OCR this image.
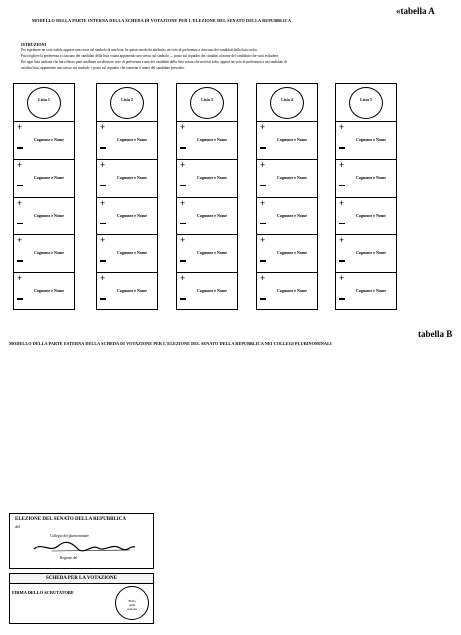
«tabella A
MODELLO DELLA PARTE INTERNA DELLA SCHEDA DI VOTAZIONE PER L'ELEZIONE DEL SENATO DELLA REPUBBLICA
ISTRUZIONI
Per esprimere un voto valido apporre una croce sul simbolo di una lista. In questo modo ha attribuito un voto di preferenza a ciascuno dei candidati della lista scelta.
Puoi togliere la preferenza a ciascuno dei candidati della lista votata apponendo uno stesso sul simbolo — posto sul riquadro dei cittadini al nome del candidato che vuoi escludere.
Per ogni lista indicata che hai riflesso puoi attribuire un ulteriore voto di preferenza a uno dei candidati della lista votata che non hai tolto, apponi un voto di preferenza a un candidato di
un'altra lista, apponendo uno stesso sul simbolo + posto sul riquadro che contiene il nome del candidato prescelto.
Lista 1
+
Cognome e Nome
+
Cognome e Nome
+
Cognome e Nome
+
Cognome e Nome
+
Cognome e Nome
Lista 2
+
Cognome e Nome
+
Cognome e Nome
+
Cognome e Nome
+
Cognome e Nome
+
Cognome e Nome
Lista 3
+
Cognome e Nome
+
Cognome e Nome
+
Cognome e Nome
+
Cognome e Nome
+
Cognome e Nome
Lista 4
+
Cognome e Nome
+
Cognome e Nome
+
Cognome e Nome
+
Cognome e Nome
+
Cognome e Nome
Lista 5
+
Cognome e Nome
+
Cognome e Nome
+
Cognome e Nome
+
Cognome e Nome
+
Cognome e Nome
tabella B
MODELLO DELLA PARTE ESTERNA DELLA SCHEDA DI VOTAZIONE PER L'ELEZIONE DEL SENATO DELLA REPUBBLICA NEI COLLEGI PLURINOMINALI
ELEZIONE DEL SENATO DELLA REPUBBLICA
del
Collegio del plurinominale
Regione del
SCHEDA PER LA VOTAZIONE
FIRMA DELLO SCRUTATORE
Bollo
della
sezione
